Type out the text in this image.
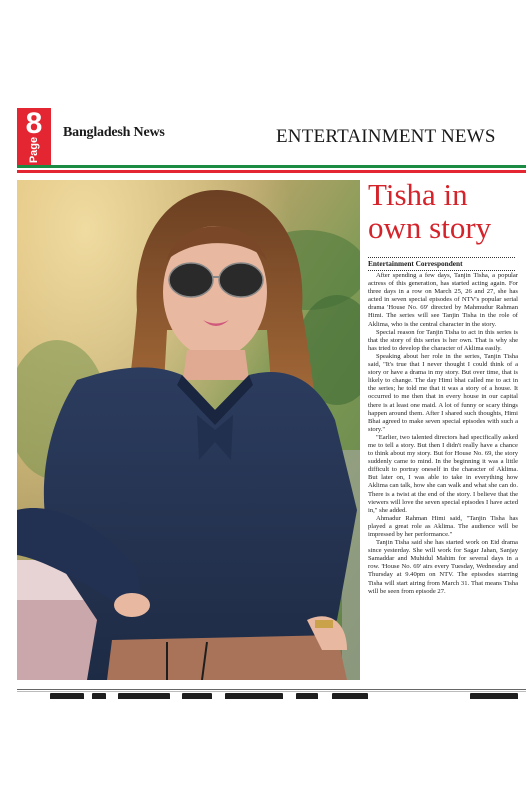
8
Page
Bangladesh News	ENTERTAINMENT NEWS
Tisha in
own story
Entertainment Correspondent

After spending a few days, Tanjin Tisha, a popular actress of this generation, has started acting again. For three days in a row on March 25, 26 and 27, she has acted in seven special episodes of NTV's popular serial drama 'House No. 69' directed by Mahmudur Rahman Himi. The series will see Tanjin Tisha in the role of Aklima, who is the central character in the story.

Special reason for Tanjin Tisha to act in this series is that the story of this series is her own. That is why she has tried to develop the character of Aklima easily.

Speaking about her role in the series, Tanjin Tisha said, "It's true that I never thought I could think of a story or have a drama in my story. But over time, that is likely to change. The day Himi bhai called me to act in the series; he told me that it was a story of a house. It occurred to me then that in every house in our capital there is at least one maid. A lot of funny or scary things happen around them. After I shared such thoughts, Himi Bhai agreed to make seven special episodes with such a story."

"Earlier, two talented directors had specifically asked me to tell a story. But then I didn't really have a chance to think about my story. But for House No. 69, the story suddenly came to mind. In the beginning it was a little difficult to portray oneself in the character of Aklima. But later on, I was able to take in everything how Aklima can talk, how she can walk and what she can do. There is a twist at the end of the story. I believe that the viewers will love the seven special episodes I have acted in," she added.

Ahmadur Rahman Himi said, "Tanjin Tisha has played a great role as Aklima. The audience will be impressed by her performance."

Tanjin Tisha said she has started work on Eid drama since yesterday. She will work for Sagar Jahan, Sanjay Samaddar and Muhidul Mahim for several days in a row. 'House No. 69' airs every Tuesday, Wednesday and Thursday at 9.40pm on NTV. The episodes starring Tisha will start airing from March 31. That means Tisha will be seen from episode 27.
